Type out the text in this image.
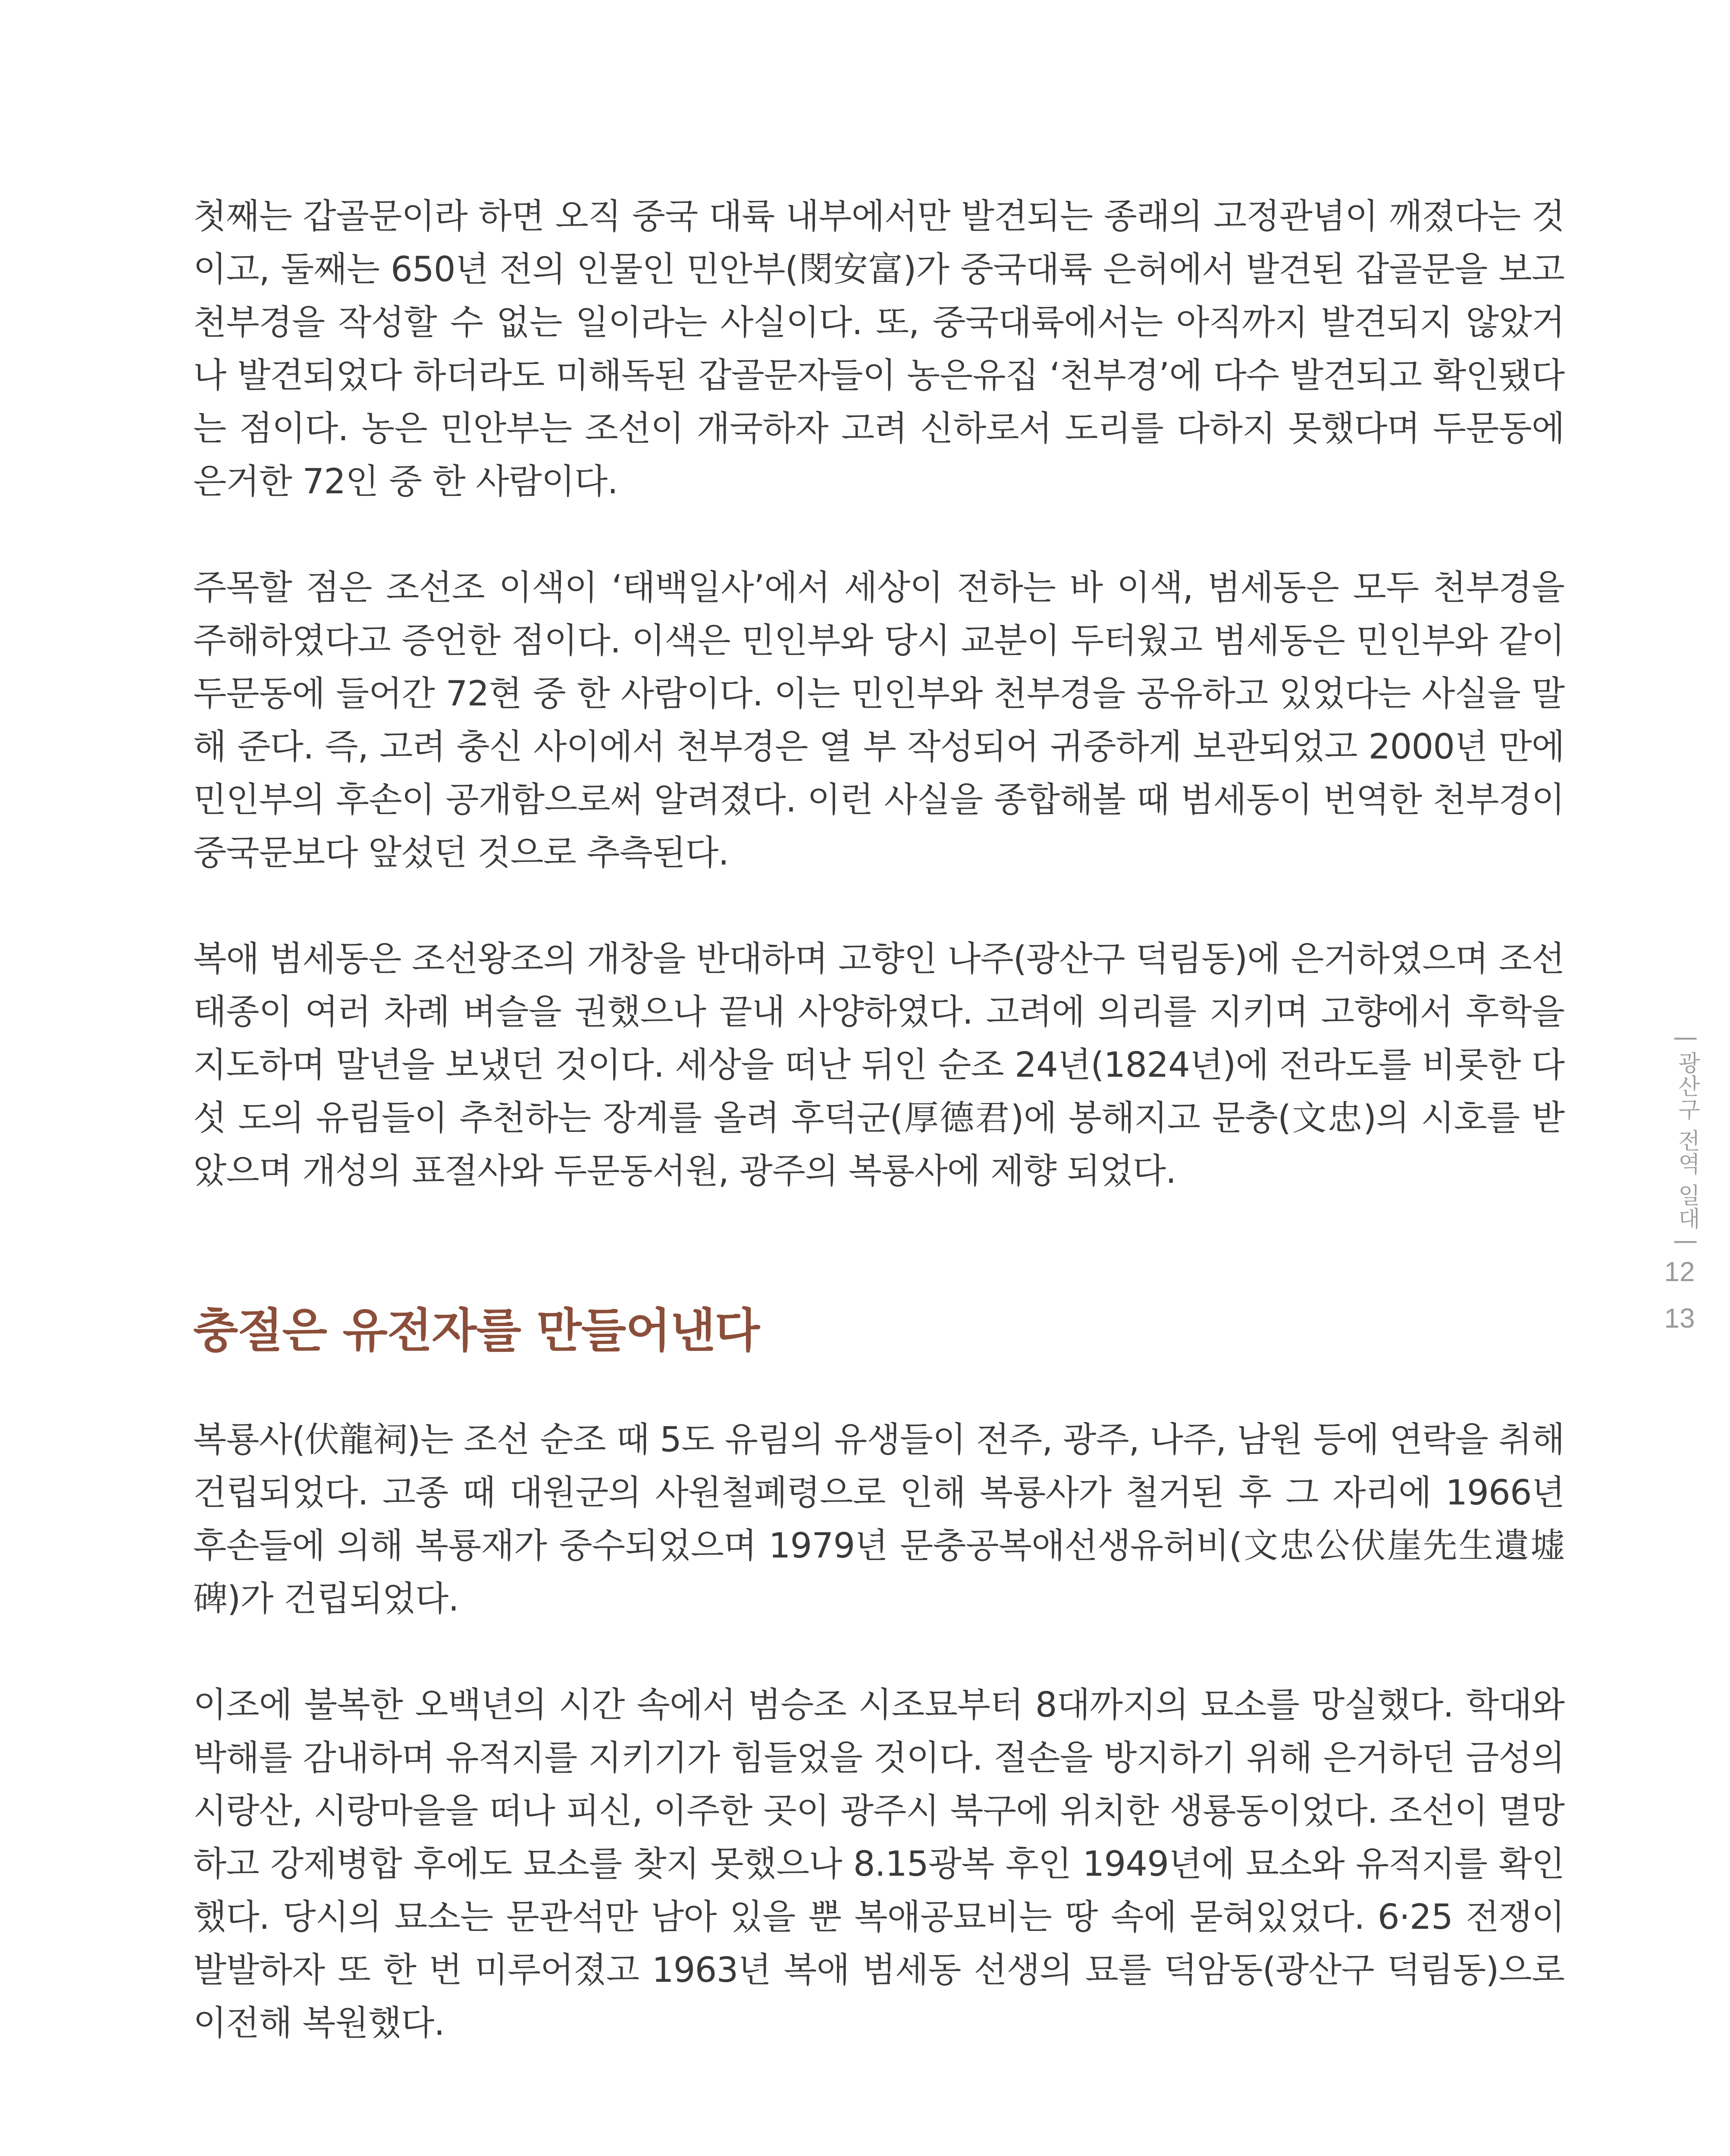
첫째는 갑골문이라 하면 오직 중국 대륙 내부에서만 발견되는 종래의 고정관념이 깨졌다는 것이고, 둘째는 650년 전의 인물인 민안부(閔安富)가 중국대륙 은허에서 발견된 갑골문을 보고 천부경을 작성할 수 없는 일이라는 사실이다. 또, 중국대륙에서는 아직까지 발견되지 않았거나 발견되었다 하더라도 미해독된 갑골문자들이 농은유집 ‘천부경’에 다수 발견되고 확인됐다는 점이다. 농은 민안부는 조선이 개국하자 고려 신하로서 도리를 다하지 못했다며 두문동에 은거한 72인 중 한 사람이다.

주목할 점은 조선조 이색이 ‘태백일사’에서 세상이 전하는 바 이색, 범세동은 모두 천부경을 주해하였다고 증언한 점이다. 이색은 민인부와 당시 교분이 두터웠고 범세동은 민인부와 같이 두문동에 들어간 72현 중 한 사람이다. 이는 민인부와 천부경을 공유하고 있었다는 사실을 말해 준다. 즉, 고려 충신 사이에서 천부경은 열 부 작성되어 귀중하게 보관되었고 2000년 만에 민인부의 후손이 공개함으로써 알려졌다. 이런 사실을 종합해볼 때 범세동이 번역한 천부경이 중국문보다 앞섰던 것으로 추측된다.

복애 범세동은 조선왕조의 개창을 반대하며 고향인 나주(광산구 덕림동)에 은거하였으며 조선 태종이 여러 차례 벼슬을 권했으나 끝내 사양하였다. 고려에 의리를 지키며 고향에서 후학을 지도하며 말년을 보냈던 것이다. 세상을 떠난 뒤인 순조 24년(1824년)에 전라도를 비롯한 다섯 도의 유림들이 추천하는 장계를 올려 후덕군(厚德君)에 봉해지고 문충(文忠)의 시호를 받았으며 개성의 표절사와 두문동서원, 광주의 복룡사에 제향 되었다.

충절은 유전자를 만들어낸다

복룡사(伏龍祠)는 조선 순조 때 5도 유림의 유생들이 전주, 광주, 나주, 남원 등에 연락을 취해 건립되었다. 고종 때 대원군의 사원철폐령으로 인해 복룡사가 철거된 후 그 자리에 1966년 후손들에 의해 복룡재가 중수되었으며 1979년 문충공복애선생유허비(文忠公伏崖先生遺墟碑)가 건립되었다.

이조에 불복한 오백년의 시간 속에서 범승조 시조묘부터 8대까지의 묘소를 망실했다. 학대와 박해를 감내하며 유적지를 지키기가 힘들었을 것이다. 절손을 방지하기 위해 은거하던 금성의 시랑산, 시랑마을을 떠나 피신, 이주한 곳이 광주시 북구에 위치한 생룡동이었다. 조선이 멸망하고 강제병합 후에도 묘소를 찾지 못했으나 8.15광복 후인 1949년에 묘소와 유적지를 확인했다. 당시의 묘소는 문관석만 남아 있을 뿐 복애공묘비는 땅 속에 묻혀있었다. 6·25 전쟁이 발발하자 또 한 번 미루어졌고 1963년 복애 범세동 선생의 묘를 덕암동(광산구 덕림동)으로 이전해 복원했다.

| 광산구 전역 일대 |
12
13
